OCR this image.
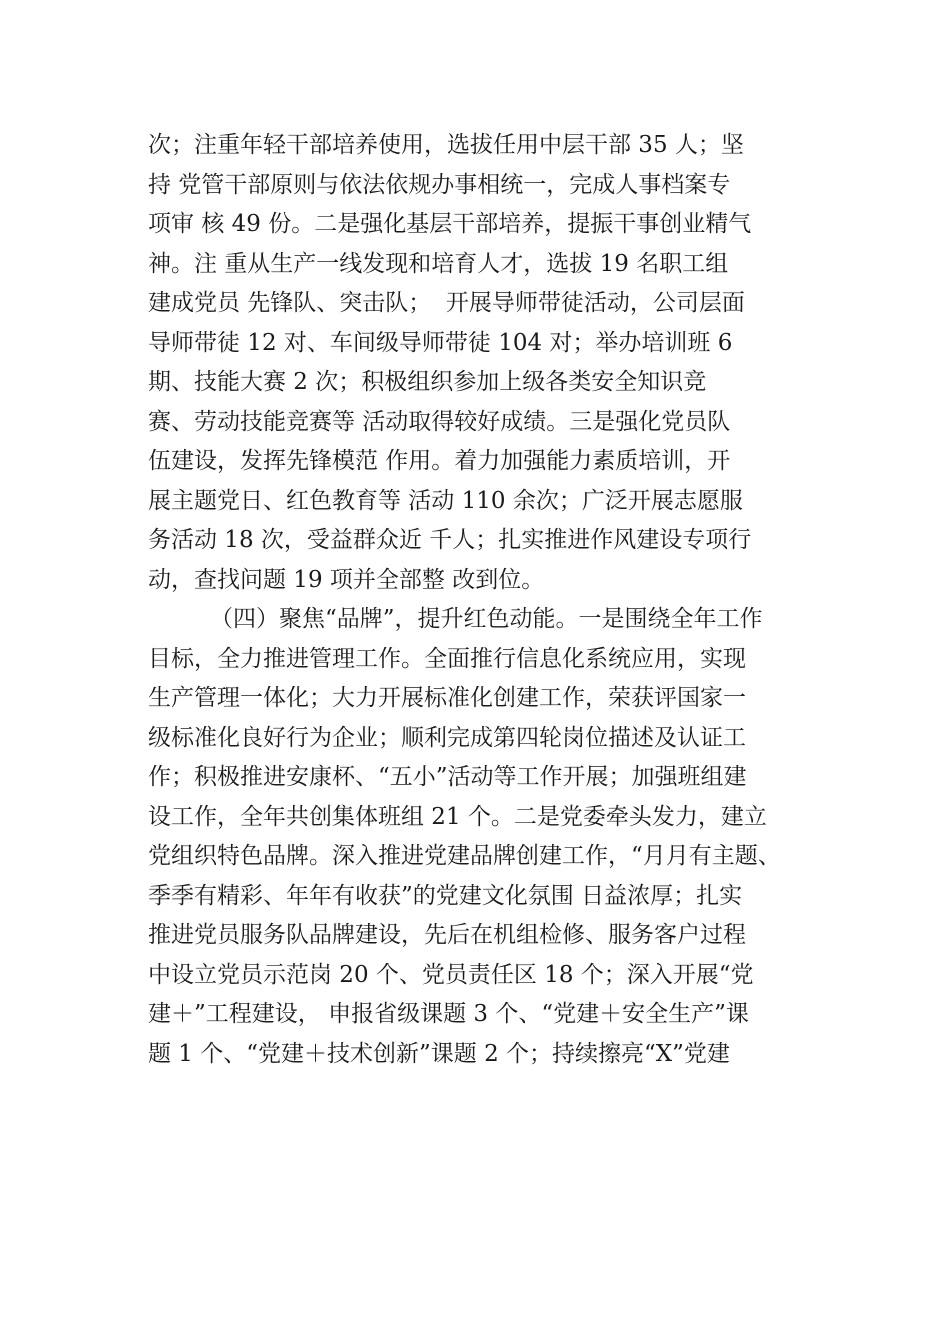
次；注重年轻干部培养使用，选拔任用中层干部 35 人；坚
持 党管干部原则与依法依规办事相统一，完成人事档案专
项审 核 49 份。二是强化基层干部培养，提振干事创业精气
神。注 重从生产一线发现和培育人才，选拔 19 名职工组
建成党员 先锋队、突击队；  开展导师带徒活动，公司层面
导师带徒 12 对、车间级导师带徒 104 对；举办培训班 6
期、技能大赛 2 次；积极组织参加上级各类安全知识竞
赛、劳动技能竞赛等 活动取得较好成绩。三是强化党员队
伍建设，发挥先锋模范 作用。着力加强能力素质培训，开
展主题党日、红色教育等 活动 110 余次；广泛开展志愿服
务活动 18 次，受益群众近 千人；扎实推进作风建设专项行
动，查找问题 19 项并全部整 改到位。
（四）聚焦“品牌”，提升红色动能。一是围绕全年工作
目标，全力推进管理工作。全面推行信息化系统应用，实现
生产管理一体化；大力开展标准化创建工作，荣获评国家一
级标准化良好行为企业；顺利完成第四轮岗位描述及认证工
作；积极推进安康杯、“五小”活动等工作开展；加强班组建
设工作，全年共创集体班组 21 个。二是党委牵头发力，建立
党组织特色品牌。深入推进党建品牌创建工作，“月月有主题、
季季有精彩、年年有收获”的党建文化氛围 日益浓厚；扎实
推进党员服务队品牌建设，先后在机组检修、服务客户过程
中设立党员示范岗 20 个、党员责任区 18 个；深入开展“党
建＋”工程建设， 申报省级课题 3 个、“党建＋安全生产”课
题 1 个、“党建＋技术创新”课题 2 个；持续擦亮“X”党建
